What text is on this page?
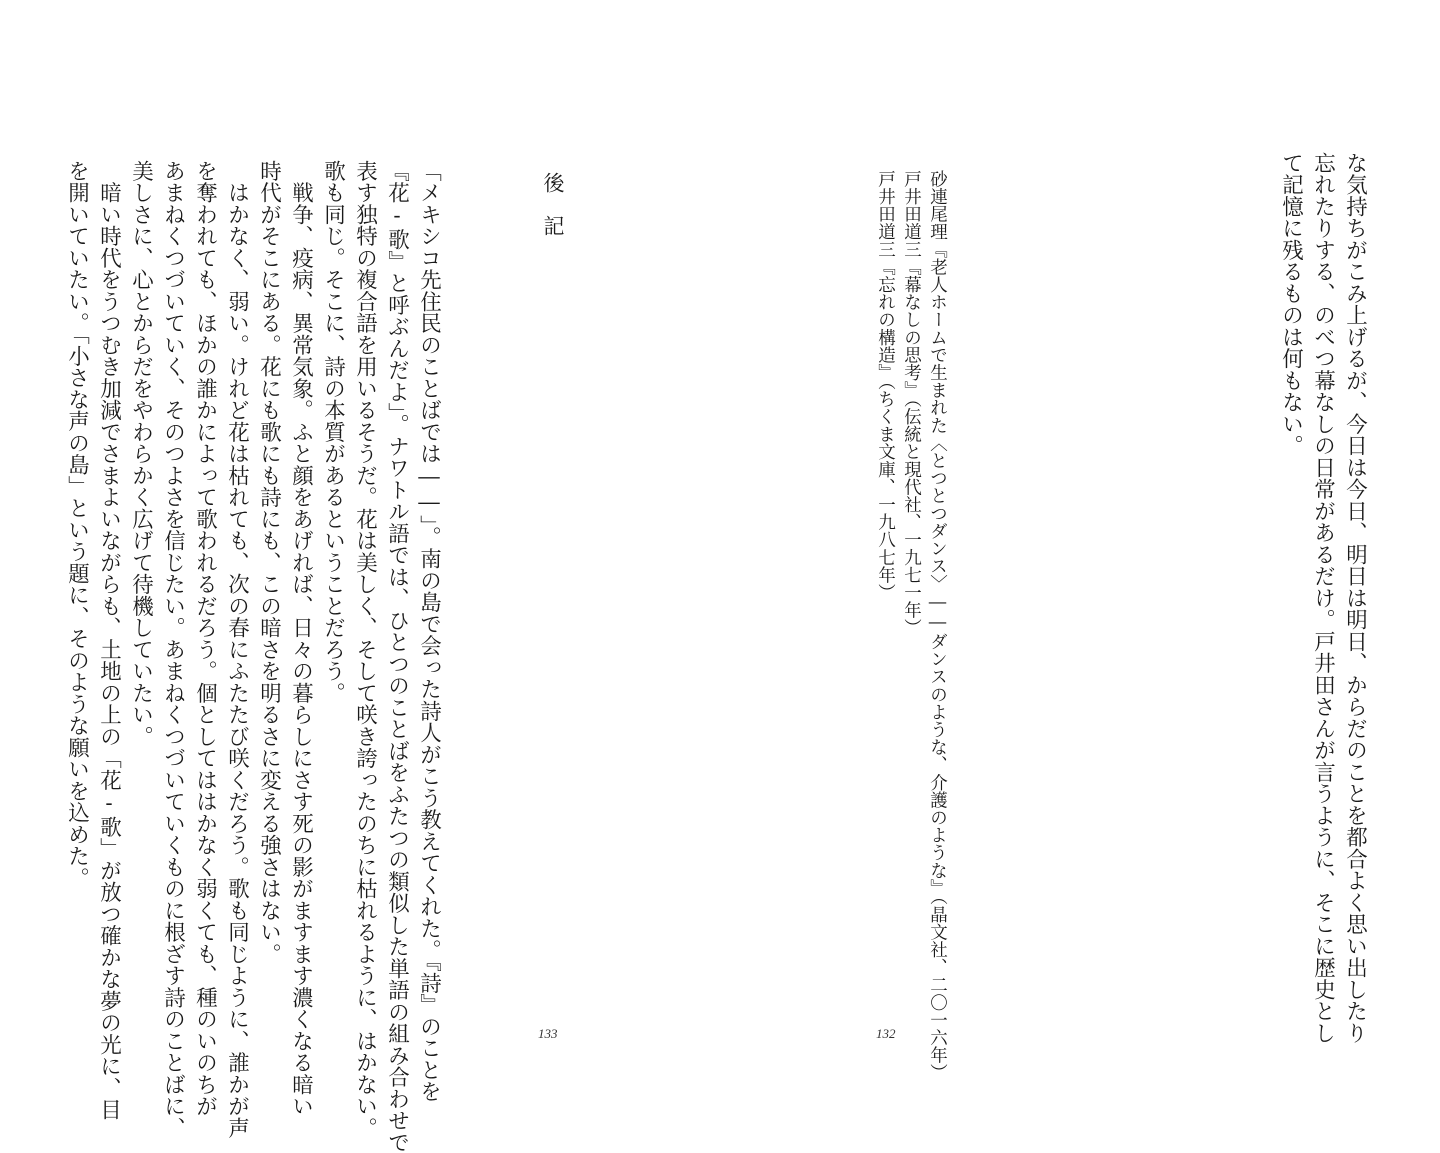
な気持ちがこみ上げるが、今日は今日、明日は明日、からだのことを都合よく思い出したり
忘れたりする、のべつ幕なしの日常があるだけ。戸井田さんが言うように、そこに歴史とし
て記憶に残るものは何もない。
砂連尾理『老人ホームで生まれた〈とつとつダンス〉――ダンスのような、介護のような』（晶文社、二〇一六年）
戸井田道三『幕なしの思考』（伝統と現代社、一九七一年）
戸井田道三『忘れの構造』（ちくま文庫、一九八七年）
132
後記
「メキシコ先住民のことばでは――」。南の島で会った詩人がこう教えてくれた。『詩』のことを
『花‐歌』と呼ぶんだよ」。ナワトル語では、ひとつのことばをふたつの類似した単語の組み合わせで
表す独特の複合語を用いるそうだ。花は美しく、そして咲き誇ったのちに枯れるように、はかない。
歌も同じ。そこに、詩の本質があるということだろう。
　戦争、疫病、異常気象。ふと顔をあげれば、日々の暮らしにさす死の影がますます濃くなる暗い
時代がそこにある。花にも歌にも詩にも、この暗さを明るさに変える強さはない。
　はかなく、弱い。けれど花は枯れても、次の春にふたたび咲くだろう。歌も同じように、誰かが声
を奪われても、ほかの誰かによって歌われるだろう。個としてははかなく弱くても、種のいのちが
あまねくつづいていく、そのつよさを信じたい。あまねくつづいていくものに根ざす詩のことばに、
美しさに、心とからだをやわらかく広げて待機していたい。
　暗い時代をうつむき加減でさまよいながらも、土地の上の「花‐歌」が放つ確かな夢の光に、目
を開いていたい。「小さな声の島」という題に、そのような願いを込めた。
133
